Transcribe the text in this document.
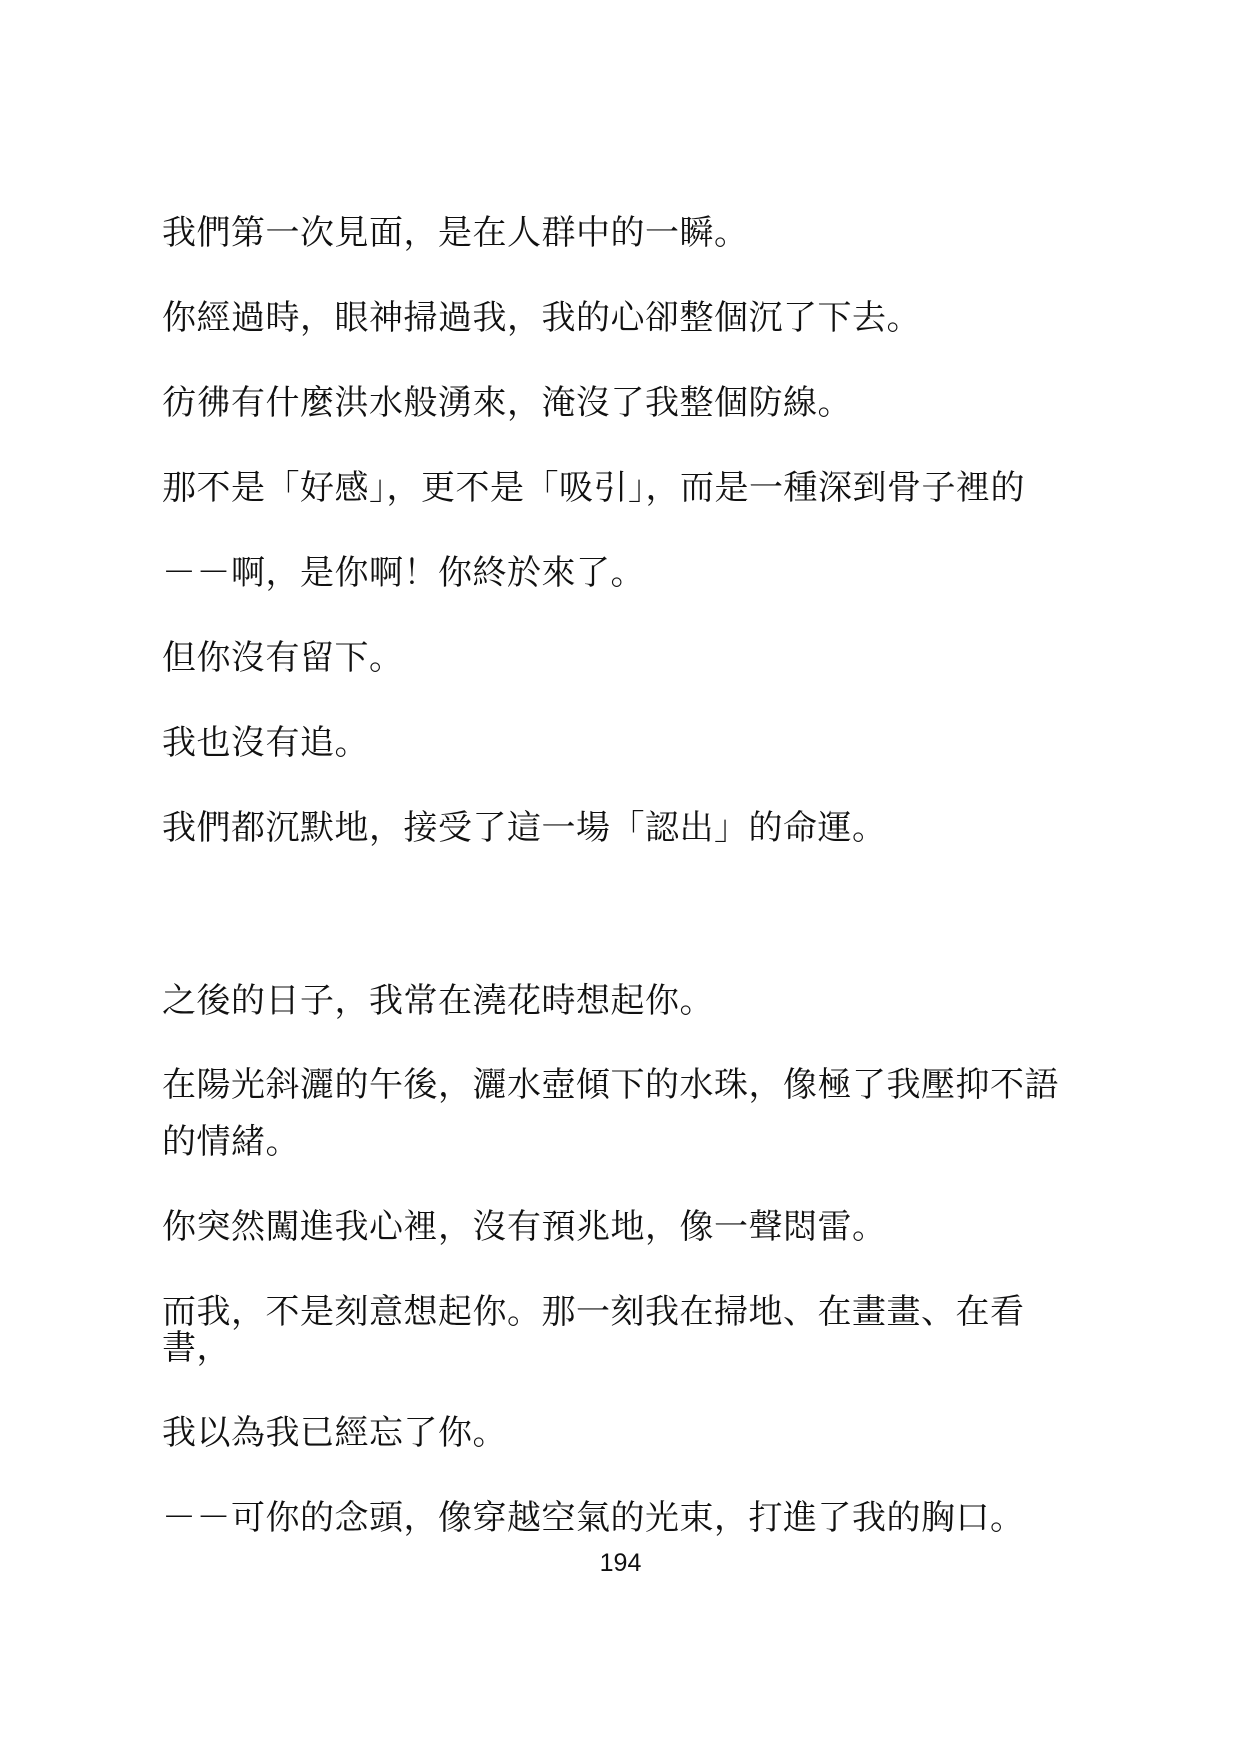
我們第一次見面，是在人群中的一瞬。

你經過時，眼神掃過我，我的心卻整個沉了下去。

彷彿有什麼洪水般湧來，淹沒了我整個防線。

那不是「好感」，更不是「吸引」，而是一種深到骨子裡的

－－啊，是你啊！你終於來了。

但你沒有留下。

我也沒有追。

我們都沉默地，接受了這一場「認出」的命運。

之後的日子，我常在澆花時想起你。

在陽光斜灑的午後，灑水壺傾下的水珠，像極了我壓抑不語的情緒。

你突然闖進我心裡，沒有預兆地，像一聲悶雷。

而我，不是刻意想起你。那一刻我在掃地、在畫畫、在看書，

我以為我已經忘了你。

－－可你的念頭，像穿越空氣的光束，打進了我的胸口。

194
